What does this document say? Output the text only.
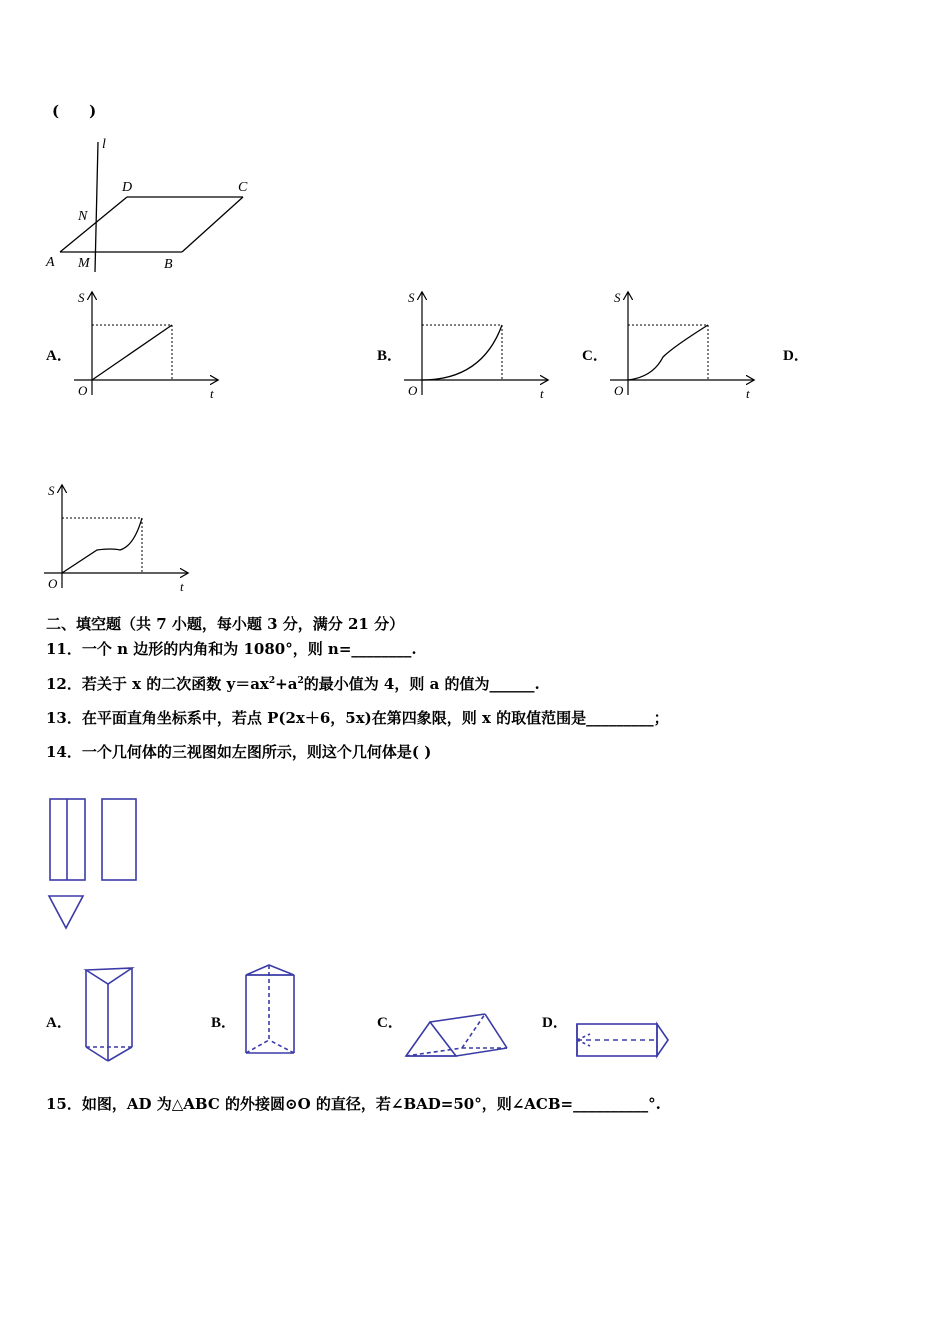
(　　)
l
D	C
N
A M	B
A．	B．	C．	D．
S
O	t
S
O	t
S
O	t
S
O	t
二、填空题（共 7 小题，每小题 3 分，满分 21 分）
11．一个 n 边形的内角和为 1080°，则 n=________.
12．若关于 x 的二次函数 $y=ax^2+a^2$的最小值为 4，则 a 的值为______.
13．在平面直角坐标系中，若点 P(2x＋6，5x)在第四象限，则 x 的取值范围是_________；
14．一个几何体的三视图如左图所示，则这个几何体是( )
A．	B．	C．	D．
15．如图，AD 为△ABC 的外接圆⊙O 的直径，若∠BAD=50°，则∠ACB=__________°.
